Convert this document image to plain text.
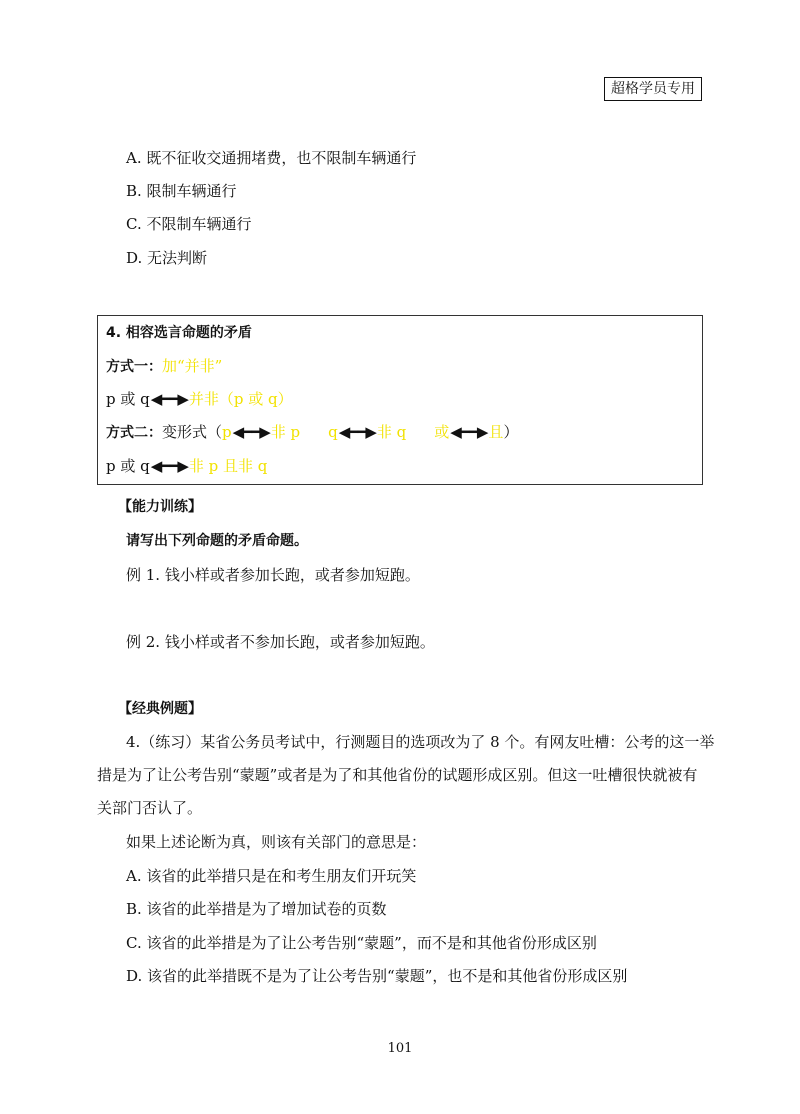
超格学员专用
A. 既不征收交通拥堵费，也不限制车辆通行
B. 限制车辆通行
C. 不限制车辆通行
D. 无法判断
4. 相容选言命题的矛盾
方式一：加“并非”
p 或 q◀━━▶并非（p 或 q）
方式二：变形式（p◀━━▶非 p q◀━━▶非 q 或◀━━▶且）
p 或 q◀━━▶非 p 且非 q
【能力训练】
请写出下列命题的矛盾命题。
例 1. 钱小样或者参加长跑，或者参加短跑。
例 2. 钱小样或者不参加长跑，或者参加短跑。
【经典例题】
4.（练习）某省公务员考试中，行测题目的选项改为了 8 个。有网友吐槽：公考的这一举
措是为了让公考告别“蒙题”或者是为了和其他省份的试题形成区别。但这一吐槽很快就被有
关部门否认了。
如果上述论断为真，则该有关部门的意思是：
A. 该省的此举措只是在和考生朋友们开玩笑
B. 该省的此举措是为了增加试卷的页数
C. 该省的此举措是为了让公考告别“蒙题”，而不是和其他省份形成区别
D. 该省的此举措既不是为了让公考告别“蒙题”，也不是和其他省份形成区别
101
